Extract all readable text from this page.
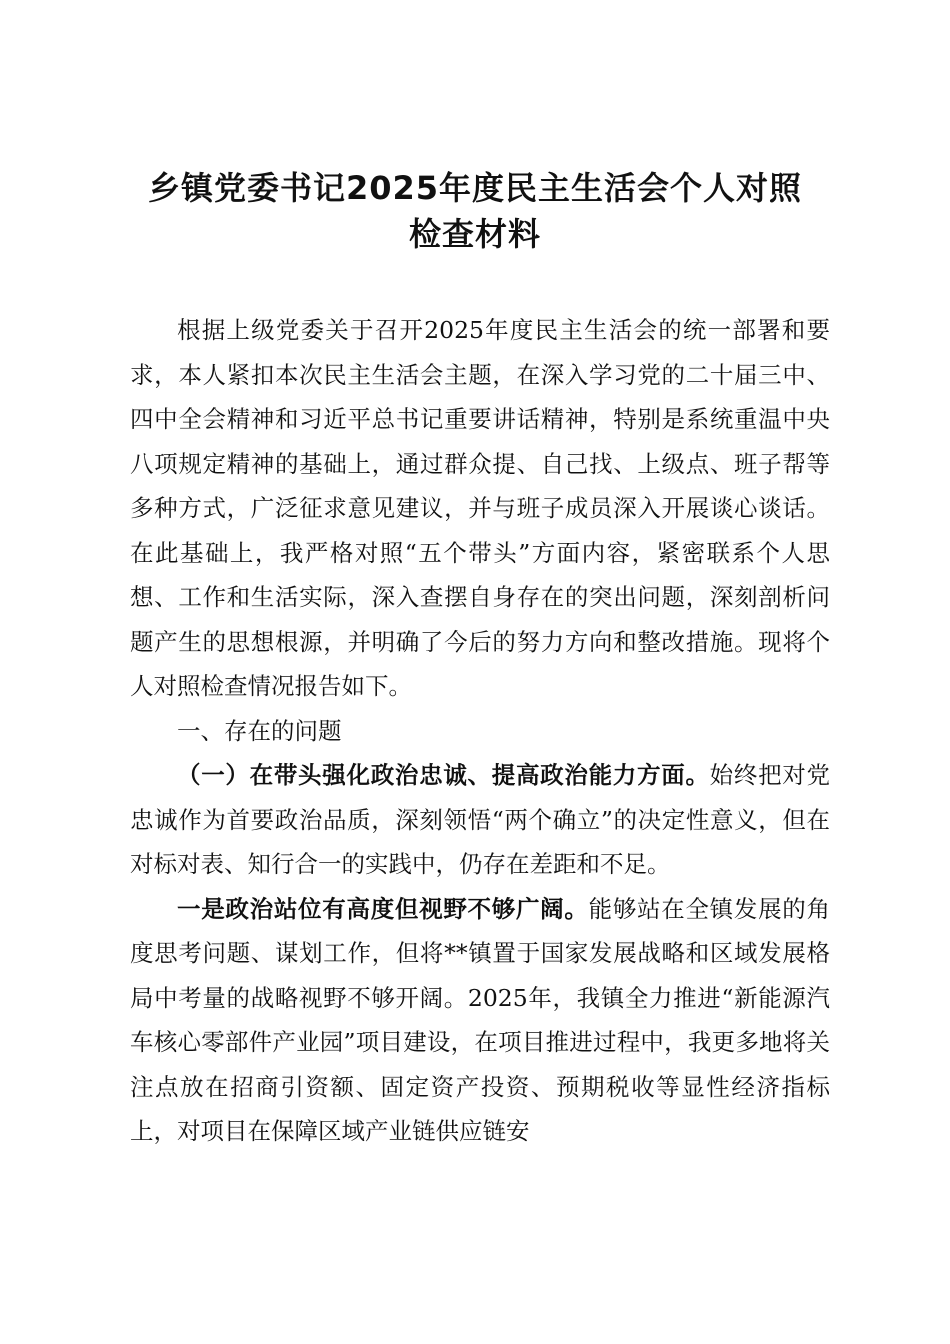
乡镇党委书记2025年度民主生活会个人对照
检查材料

根据上级党委关于召开2025年度民主生活会的统一部署和要求，本人紧扣本次民主生活会主题，在深入学习党的二十届三中、四中全会精神和习近平总书记重要讲话精神，特别是系统重温中央八项规定精神的基础上，通过群众提、自己找、上级点、班子帮等多种方式，广泛征求意见建议，并与班子成员深入开展谈心谈话。在此基础上，我严格对照“五个带头”方面内容，紧密联系个人思想、工作和生活实际，深入查摆自身存在的突出问题，深刻剖析问题产生的思想根源，并明确了今后的努力方向和整改措施。现将个人对照检查情况报告如下。

一、存在的问题

（一）在带头强化政治忠诚、提高政治能力方面。始终把对党忠诚作为首要政治品质，深刻领悟“两个确立”的决定性意义，但在对标对表、知行合一的实践中，仍存在差距和不足。

一是政治站位有高度但视野不够广阔。能够站在全镇发展的角度思考问题、谋划工作，但将**镇置于国家发展战略和区域发展格局中考量的战略视野不够开阔。2025年，我镇全力推进“新能源汽车核心零部件产业园”项目建设，在项目推进过程中，我更多地将关注点放在招商引资额、固定资产投资、预期税收等显性经济指标上，对项目在保障区域产业链供应链安
